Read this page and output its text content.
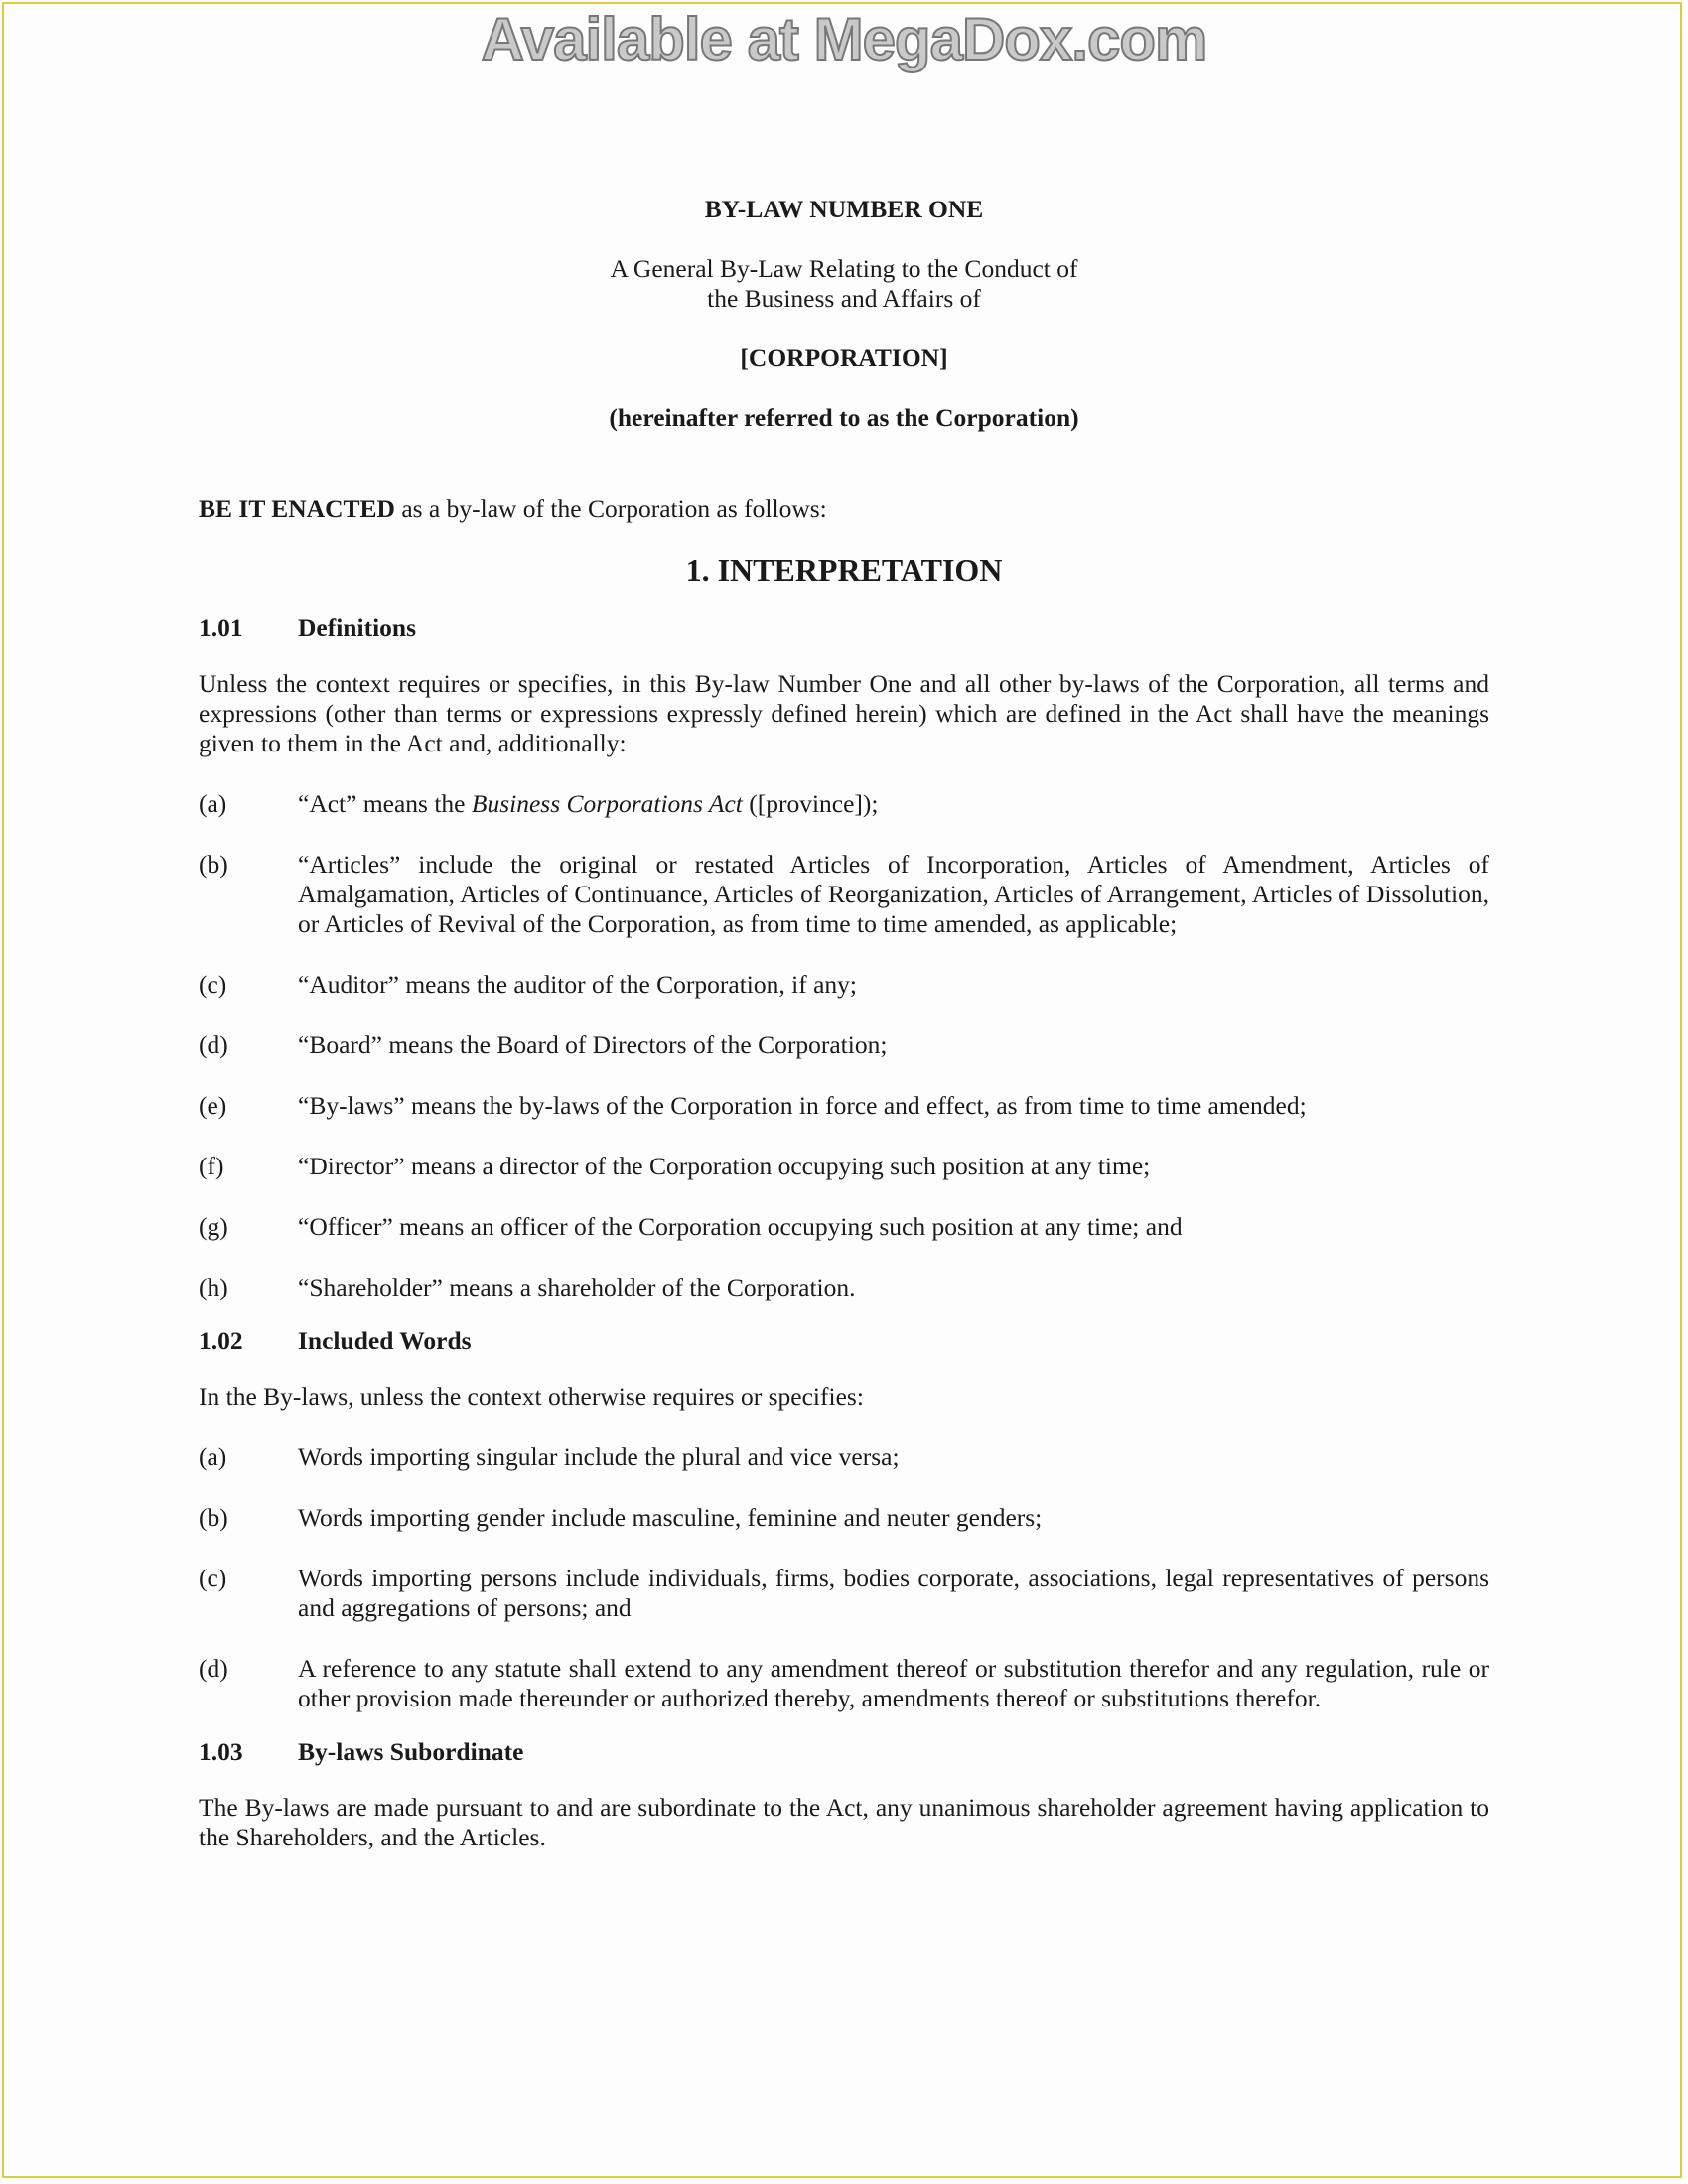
Available at MegaDox.com

BY-LAW NUMBER ONE

A General By-Law Relating to the Conduct of
the Business and Affairs of

[CORPORATION]

(hereinafter referred to as the Corporation)

BE IT ENACTED as a by-law of the Corporation as follows:

1. INTERPRETATION

1.01	Definitions

Unless the context requires or specifies, in this By-law Number One and all other by-laws of the Corporation, all terms and expressions (other than terms or expressions expressly defined herein) which are defined in the Act shall have the meanings given to them in the Act and, additionally:

(a)	“Act” means the Business Corporations Act ([province]);
(b)	“Articles” include the original or restated Articles of Incorporation, Articles of Amendment, Articles of Amalgamation, Articles of Continuance, Articles of Reorganization, Articles of Arrangement, Articles of Dissolution, or Articles of Revival of the Corporation, as from time to time amended, as applicable;
(c)	“Auditor” means the auditor of the Corporation, if any;
(d)	“Board” means the Board of Directors of the Corporation;
(e)	“By-laws” means the by-laws of the Corporation in force and effect, as from time to time amended;
(f)	“Director” means a director of the Corporation occupying such position at any time;
(g)	“Officer” means an officer of the Corporation occupying such position at any time; and
(h)	“Shareholder” means a shareholder of the Corporation.
1.02	Included Words

In the By-laws, unless the context otherwise requires or specifies:

(a)	Words importing singular include the plural and vice versa;
(b)	Words importing gender include masculine, feminine and neuter genders;
(c)	Words importing persons include individuals, firms, bodies corporate, associations, legal representatives of persons and aggregations of persons; and
(d)	A reference to any statute shall extend to any amendment thereof or substitution therefor and any regulation, rule or other provision made thereunder or authorized thereby, amendments thereof or substitutions therefor.
1.03	By-laws Subordinate

The By-laws are made pursuant to and are subordinate to the Act, any unanimous shareholder agreement having application to the Shareholders, and the Articles.
